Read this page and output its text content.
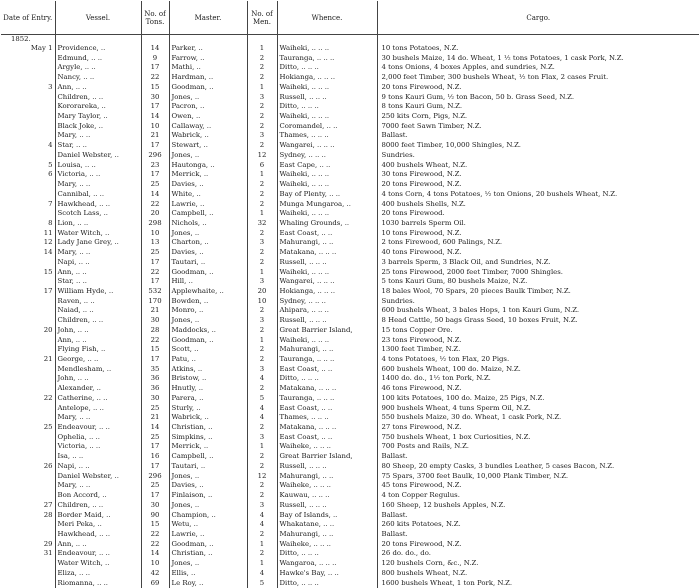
Date of Entry.	Vessel.	No. of Tons.	Master.	No. of Men.	Whence.	Cargo.
1852.						
May 1	Providence, ..	14	Parker, ..	1	Waiheki, .. .. ..	10 tons Potatoes, N.Z.
	Edmund, .. ..	9	Farrow, ..	2	Tauranga, .. .. ..	30 bushels Maize, 14 do. Wheat, 1 ½ tons Potatoes, 1 cask Pork, N.Z.
	Argyle, .. ..	17	Mathi, ..	2	Ditto, .. .. ..	4 tons Onions, 4 boxes Apples, and sundries, N.Z.
	Nancy, .. ..	22	Hardman, ..	2	Hokianga, .. .. ..	2,000 feet Timber, 300 bushels Wheat, ½ ton Flax, 2 cases Fruit.
3	Ann, .. ..	15	Goodman, ..	1	Waiheki, .. .. ..	20 tons Firewood, N.Z.
	Children, .. ..	30	Jones, ..	3	Russell, .. .. ..	9 tons Kauri Gum, ½ ton Bacon, 50 b. Grass Seed, N.Z.
	Kororareka, ..	17	Pacron, ..	2	Ditto, .. .. ..	8 tons Kauri Gum, N.Z.
	Mary Taylor, ..	14	Owen, ..	2	Waiheki, .. .. ..	250 kits Corn, Pigs, N.Z.
	Black Joke, ..	10	Callaway, ..	2	Coromandel, .. ..	7000 feet Sawn Timber, N.Z.
	Mary, .. ..	21	Wabrick, ..	3	Thames, .. .. ..	Ballast.
4	Star, .. ..	17	Stewart, ..	2	Wangarei, .. .. ..	8000 feet Timber, 10,000 Shingles, N.Z.
	Daniel Webster, ..	296	Jones, ..	12	Sydney, .. .. ..	Sundries.
5	Louisa, .. ..	23	Hautonga, ..	6	East Cape, .. ..	400 bushels Wheat, N.Z.
6	Victoria, .. ..	17	Merrick, ..	1	Waiheki, .. .. ..	30 tons Firewood, N.Z.
	Mary, .. ..	25	Davies, ..	2	Waiheki, .. .. ..	20 tons Firewood, N.Z.
	Cannibal, .. ..	14	White, ..	2	Bay of Plenty, .. ..	4 tons Corn, 4 tons Potatoes, ½ ton Onions, 20 bushels Wheat, N.Z.
7	Hawkhead, .. ..	22	Lawrie, ..	2	Munga Mungaroa, ..	400 bushels Shells, N.Z.
	Scotch Lass, ..	20	Campbell, ..	1	Waiheki, .. .. ..	20 tons Firewood.
8	Lion, .. ..	298	Nichols, ..	32	Whaling Grounds, ..	1030 barrels Sperm Oil.
11	Water Witch, ..	10	Jones, ..	2	East Coast, .. ..	10 tons Firewood, N.Z.
12	Lady Jane Grey, ..	13	Charton, ..	3	Mahurangi, .. ..	2 tons Firewood, 600 Palings, N.Z.
14	Mary, .. ..	25	Davies, ..	2	Matakana, .. .. ..	40 tons Firewood, N.Z.
	Napi, .. ..	17	Tautari, ..	2	Russell, .. .. ..	3 barrels Sperm, 3 Black Oil, and Sundries, N.Z.
15	Ann, .. ..	22	Goodman, ..	1	Waiheki, .. .. ..	25 tons Firewood, 2000 feet Timber, 7000 Shingles.
	Star, .. ..	17	Hill, ..	3	Wangarei, .. .. ..	5 tons Kauri Gum, 80 bushels Maize, N.Z.
17	William Hyde, ..	532	Applewhaite, ..	20	Hokianga, .. .. ..	18 bales Wool, 70 Spars, 20 pieces Baulk Timber, N.Z.
	Raven, .. ..	170	Bowden, ..	10	Sydney, .. .. ..	Sundries.
	Naiad, .. ..	21	Monro, ..	2	Ahipara, .. .. ..	600 bushels Wheat, 3 bales Hops, 1 ton Kauri Gum, N.Z.
	Children, .. ..	30	Jones, ..	3	Russell, .. .. ..	8 Head Cattle, 50 bags Grass Seed, 10 boxes Fruit, N.Z.
20	John, .. ..	28	Maddocks, ..	2	Great Barrier Island,	15 tons Copper Ore.
	Ann, .. ..	22	Goodman, ..	1	Waiheki, .. .. ..	23 tons Firewood, N.Z.
	Flying Fish, ..	15	Scott, ..	2	Mahurangi, .. ..	1300 feet Timber, N.Z.
21	George, .. ..	17	Patu, ..	2	Tauranga, .. .. ..	4 tons Potatoes, ½ ton Flax, 20 Pigs.
	Mendlesham, ..	35	Atkins, ..	3	East Coast, .. ..	600 bushels Wheat, 100 do. Maize, N.Z.
	John, .. ..	36	Bristow, ..	4	Ditto, .. .. ..	1400 do. do., 1½ ton Pork, N.Z.
	Alexander, ..	36	Hnutly, ..	2	Matakana, .. .. ..	46 tons Firewood, N.Z.
22	Catherine, .. ..	30	Parera, ..	5	Tauranga, .. .. ..	100 kits Potatoes, 100 do. Maize, 25 Pigs, N.Z.
	Antelope, .. ..	25	Sturly, ..	4	East Coast, .. ..	900 bushels Wheat, 4 tuns Sperm Oil, N.Z.
	Mary, .. ..	21	Wabrick, ..	4	Thames, .. .. ..	550 bushels Maize, 30 do. Wheat, 1 cask Pork, N.Z.
25	Endeavour, .. ..	14	Christian, ..	2	Matakana, .. .. ..	27 tons Firewood, N.Z.
	Ophelia, .. ..	25	Simpkins, ..	3	East Coast, .. ..	750 bushels Wheat, 1 box Curiosities, N.Z.
	Victoria, .. ..	17	Merrick, ..	1	Waiheke, .. .. ..	700 Posts and Rails, N.Z.
	Isa, .. ..	16	Campbell, ..	2	Great Barrier Island,	Ballast.
26	Napi, .. ..	17	Tautari, ..	2	Russell, .. .. ..	80 Sheep, 20 empty Casks, 3 bundles Leather, 5 cases Bacon, N.Z.
	Daniel Webster, ..	296	Jones, ..	12	Mahurangi, .. ..	75 Spars, 3700 feet Baulk, 10,000 Plank Timber, N.Z.
	Mary, .. ..	25	Davies, ..	2	Waiheke, .. .. ..	45 tons Firewood, N.Z.
	Bon Accord, ..	17	Finlaison, ..	2	Kauwau, .. .. ..	4 ton Copper Regulus.
27	Children, .. ..	30	Jones, ..	3	Russell, .. .. ..	160 Sheep, 12 bushels Apples, N.Z.
28	Border Maid, ..	90	Champion, ..	4	Bay of Islands, ..	Ballast.
	Meri Peka, ..	15	Wetu, ..	4	Whakatane, .. ..	260 kits Potatoes, N.Z.
	Hawkhead, .. ..	22	Lawrie, ..	2	Mahurangi, .. ..	Ballast.
29	Ann, .. ..	22	Goodman, ..	1	Waiheke, .. .. ..	20 tons Firewood, N.Z.
31	Endeavour, .. ..	14	Christian, ..	2	Ditto, .. .. ..	26 do. do., do.
	Water Witch, ..	10	Jones, ..	1	Wangaroa, .. .. ..	120 bushels Corn, &c., N.Z.
	Eliza, .. ..	42	Ellis, ..	4	Hawke's Bay, .. ..	800 bushels Wheat, N.Z.
	Riomanna, .. ..	69	Le Roy, ..	5	Ditto, .. .. ..	1600 bushels Wheat, 1 ton Pork, N.Z.
